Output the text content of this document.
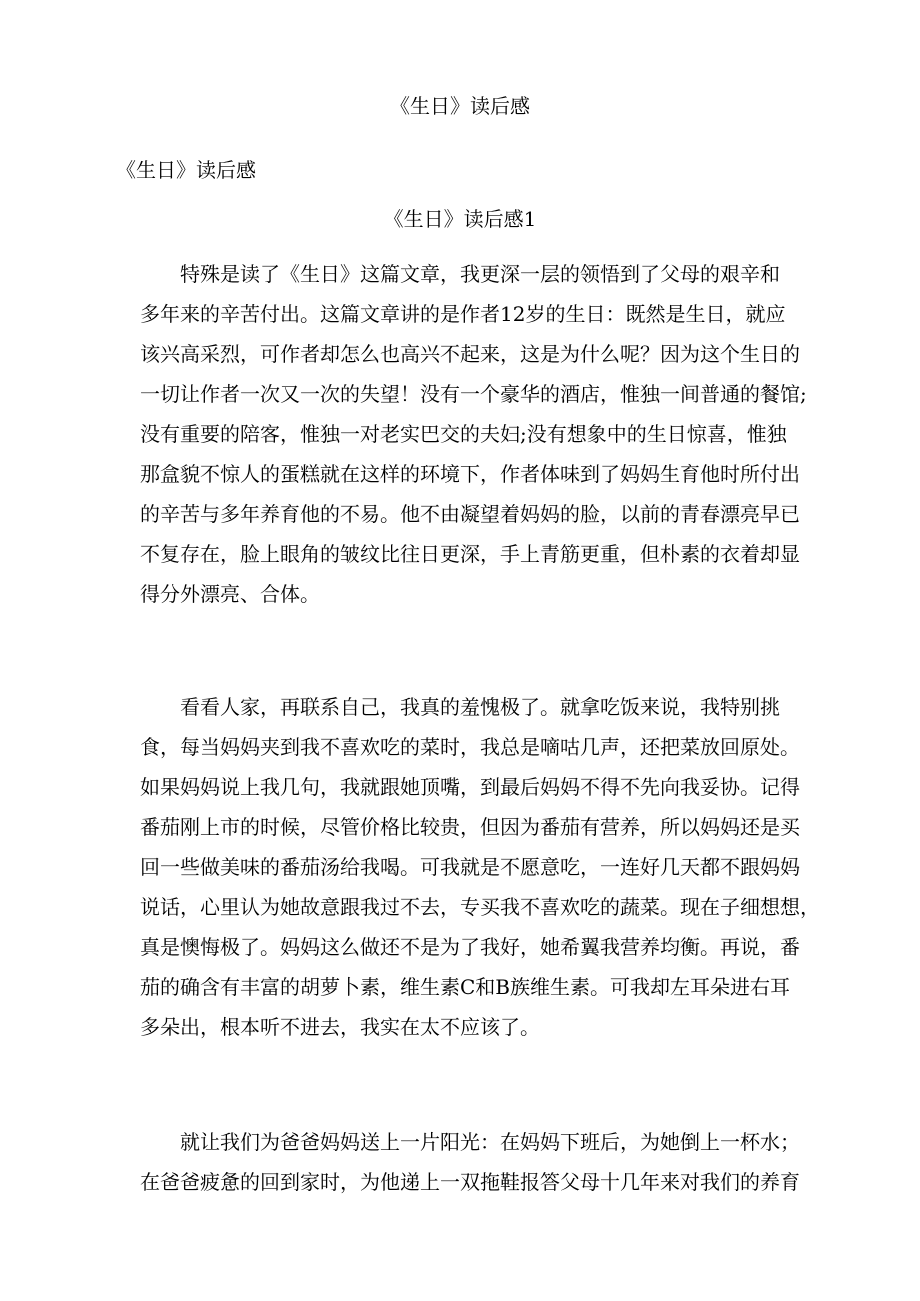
《生日》读后感
《生日》读后感
《生日》读后感1
特殊是读了《生日》这篇文章，我更深一层的领悟到了父母的艰辛和
多年来的辛苦付出。这篇文章讲的是作者12岁的生日：既然是生日，就应
该兴高采烈，可作者却怎么也高兴不起来，这是为什么呢？因为这个生日的
一切让作者一次又一次的失望！没有一个豪华的酒店，惟独一间普通的餐馆;
没有重要的陪客，惟独一对老实巴交的夫妇;没有想象中的生日惊喜，惟独
那盒貌不惊人的蛋糕就在这样的环境下，作者体味到了妈妈生育他时所付出
的辛苦与多年养育他的不易。他不由凝望着妈妈的脸，以前的青春漂亮早已
不复存在，脸上眼角的皱纹比往日更深，手上青筋更重，但朴素的衣着却显
得分外漂亮、合体。
看看人家，再联系自己，我真的羞愧极了。就拿吃饭来说，我特别挑
食，每当妈妈夹到我不喜欢吃的菜时，我总是嘀咕几声，还把菜放回原处。
如果妈妈说上我几句，我就跟她顶嘴，到最后妈妈不得不先向我妥协。记得
番茄刚上市的时候，尽管价格比较贵，但因为番茄有营养，所以妈妈还是买
回一些做美味的番茄汤给我喝。可我就是不愿意吃，一连好几天都不跟妈妈
说话，心里认为她故意跟我过不去，专买我不喜欢吃的蔬菜。现在子细想想，
真是懊悔极了。妈妈这么做还不是为了我好，她希翼我营养均衡。再说，番
茄的确含有丰富的胡萝卜素，维生素C和B族维生素。可我却左耳朵进右耳
多朵出，根本听不进去，我实在太不应该了。
就让我们为爸爸妈妈送上一片阳光：在妈妈下班后，为她倒上一杯水；
在爸爸疲惫的回到家时，为他递上一双拖鞋报答父母十几年来对我们的养育
